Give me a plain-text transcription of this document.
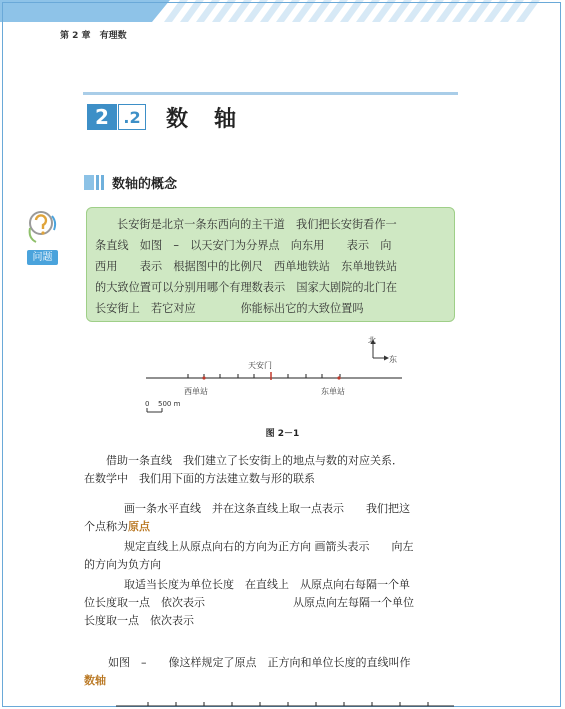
第 2 章 有理数
2 .2 数轴
数轴的概念
问题

长安街是北京一条东西向的主干道　我们把长安街看作一

条直线　如图　–　以天安门为分界点　向东用　　表示　向

西用　　表示　根据图中的比例尺　西单地铁站　东单地铁站

的大致位置可以分别用哪个有理数表示　国家大剧院的北门在

长安街上　若它对应　　　　你能标出它的大致位置吗

北
东
天安门
西单站	东单站
0 500 m
图 2－1
借助一条直线　我们建立了长安街上的地点与数的对应关系．
在数学中　我们用下面的方法建立数与形的联系
画一条水平直线　并在这条直线上取一点表示　　我们把这
个点称为原点
规定直线上从原点向右的方向为正方向 画箭头表示　　向左
的方向为负方向
取适当长度为单位长度　在直线上　从原点向右每隔一个单
位长度取一点　依次表示　　　　　　　　从原点向左每隔一个单位
长度取一点　依次表示
如图　–　　像这样规定了原点　正方向和单位长度的直线叫作
数轴
